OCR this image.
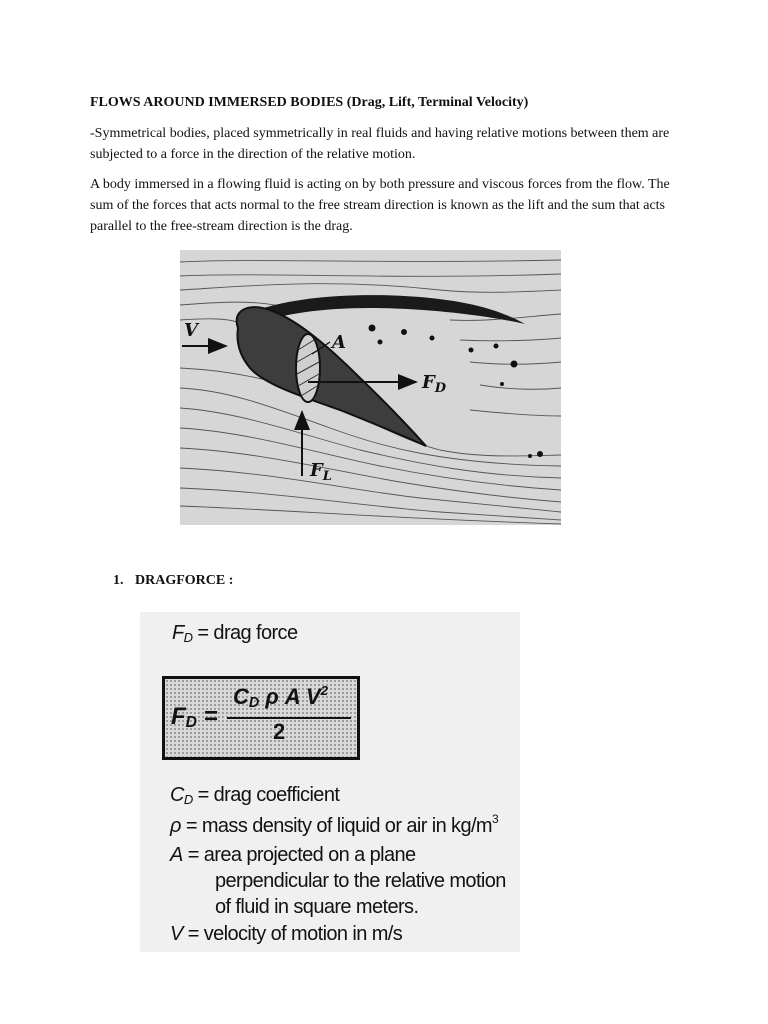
FLOWS AROUND IMMERSED BODIES (Drag, Lift, Terminal Velocity)

-Symmetrical bodies, placed symmetrically in real fluids and having relative motions between them are subjected to a force in the direction of the relative motion.

A body immersed in a flowing fluid is acting on by both pressure and viscous forces from the flow. The sum of the forces that acts normal to the free stream direction is known as the lift and the sum that acts parallel to the free-stream direction is the drag.

V
A
$F_D$
$F_L$
1. DRAGFORCE :
$F_D$ = drag force
$F_D$ =
$C_D$ ρ A $V^2$
2
$C_D$ = drag coefficient
ρ = mass density of liquid or air in $kg/m^3$
A = area projected on a plane
perpendicular to the relative motion
of fluid in square meters.
V = velocity of motion in m/s
